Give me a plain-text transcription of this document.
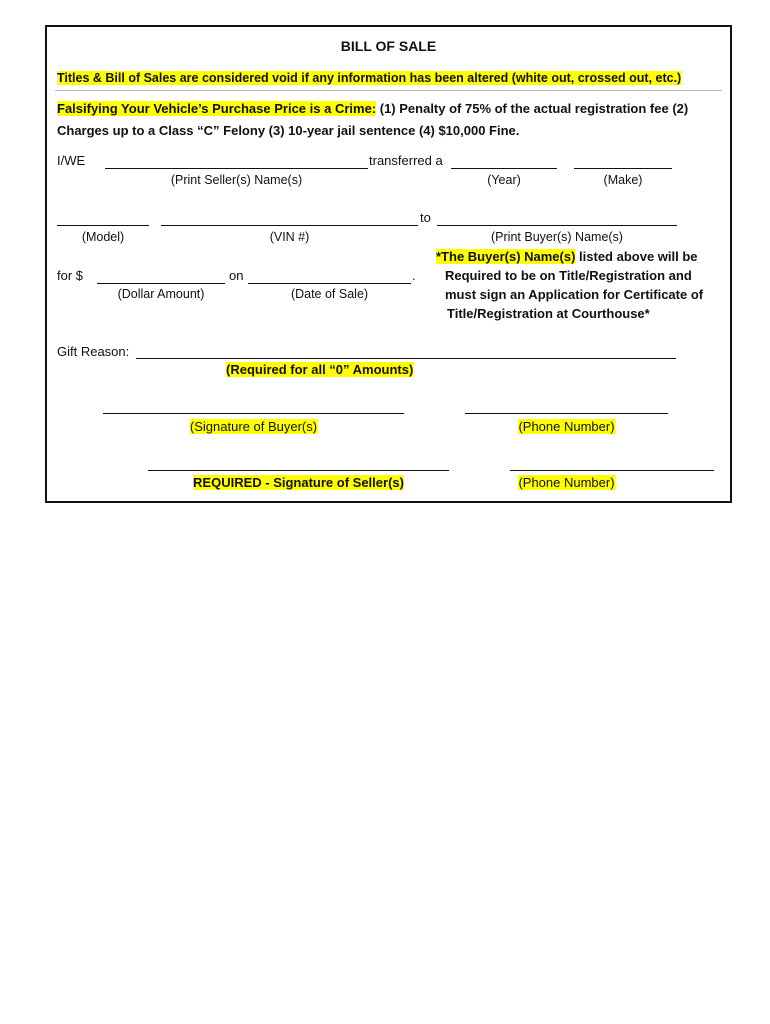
BILL OF SALE
Titles & Bill of Sales are considered void if any information has been altered (white out, crossed out, etc.)
Falsifying Your Vehicle’s Purchase Price is a Crime: (1) Penalty of 75% of the actual registration fee (2)
Charges up to a Class “C” Felony (3) 10-year jail sentence (4) $10,000 Fine.
I/WE	transferred a
(Print Seller(s) Name(s)	(Year)	(Make)
to
(Model)	(VIN #)	(Print Buyer(s) Name(s)
*The Buyer(s) Name(s) listed above will be
Required to be on Title/Registration and
must sign an Application for Certificate of
Title/Registration at Courthouse*
for $	on	.
(Dollar Amount)	(Date of Sale)
Gift Reason:
(Required for all “0” Amounts)
(Signature of Buyer(s)	(Phone Number)
REQUIRED - Signature of Seller(s)	(Phone Number)
